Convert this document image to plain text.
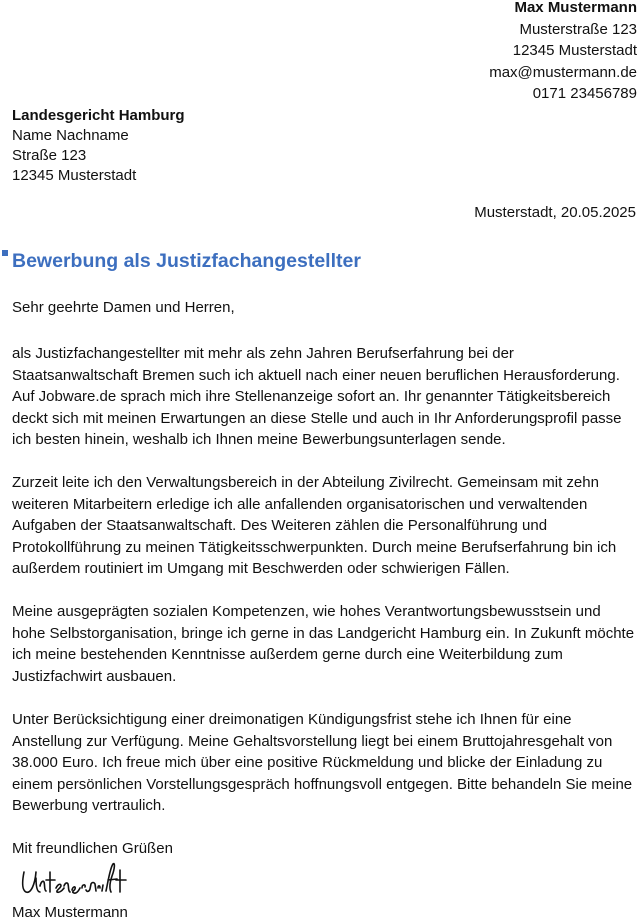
Max Mustermann
Musterstraße 123
12345 Musterstadt
max@mustermann.de
0171 23456789
Landesgericht Hamburg
Name Nachname
Straße 123
12345 Musterstadt
Musterstadt, 20.05.2025
Bewerbung als Justizfachangestellter

Sehr geehrte Damen und Herren,

als Justizfachangestellter mit mehr als zehn Jahren Berufserfahrung bei der Staatsanwaltschaft Bremen such ich aktuell nach einer neuen beruflichen Herausforderung. Auf Jobware.de sprach mich ihre Stellenanzeige sofort an. Ihr genannter Tätigkeitsbereich deckt sich mit meinen Erwartungen an diese Stelle und auch in Ihr Anforderungsprofil passe ich besten hinein, weshalb ich Ihnen meine Bewerbungsunterlagen sende.

Zurzeit leite ich den Verwaltungsbereich in der Abteilung Zivilrecht. Gemeinsam mit zehn weiteren Mitarbeitern erledige ich alle anfallenden organisatorischen und verwaltenden Aufgaben der Staatsanwaltschaft. Des Weiteren zählen die Personalführung und Protokollführung zu meinen Tätigkeitsschwerpunkten. Durch meine Berufserfahrung bin ich außerdem routiniert im Umgang mit Beschwerden oder schwierigen Fällen.

Meine ausgeprägten sozialen Kompetenzen, wie hohes Verantwortungsbewusstsein und hohe Selbstorganisation, bringe ich gerne in das Landgericht Hamburg ein. In Zukunft möchte ich meine bestehenden Kenntnisse außerdem gerne durch eine Weiterbildung zum Justizfachwirt ausbauen.

Unter Berücksichtigung einer dreimonatigen Kündigungsfrist stehe ich Ihnen für eine Anstellung zur Verfügung. Meine Gehaltsvorstellung liegt bei einem Bruttojahresgehalt von 38.000 Euro. Ich freue mich über eine positive Rückmeldung und blicke der Einladung zu einem persönlichen Vorstellungsgespräch hoffnungsvoll entgegen. Bitte behandeln Sie meine Bewerbung vertraulich.

Mit freundlichen Grüßen

Max Mustermann
